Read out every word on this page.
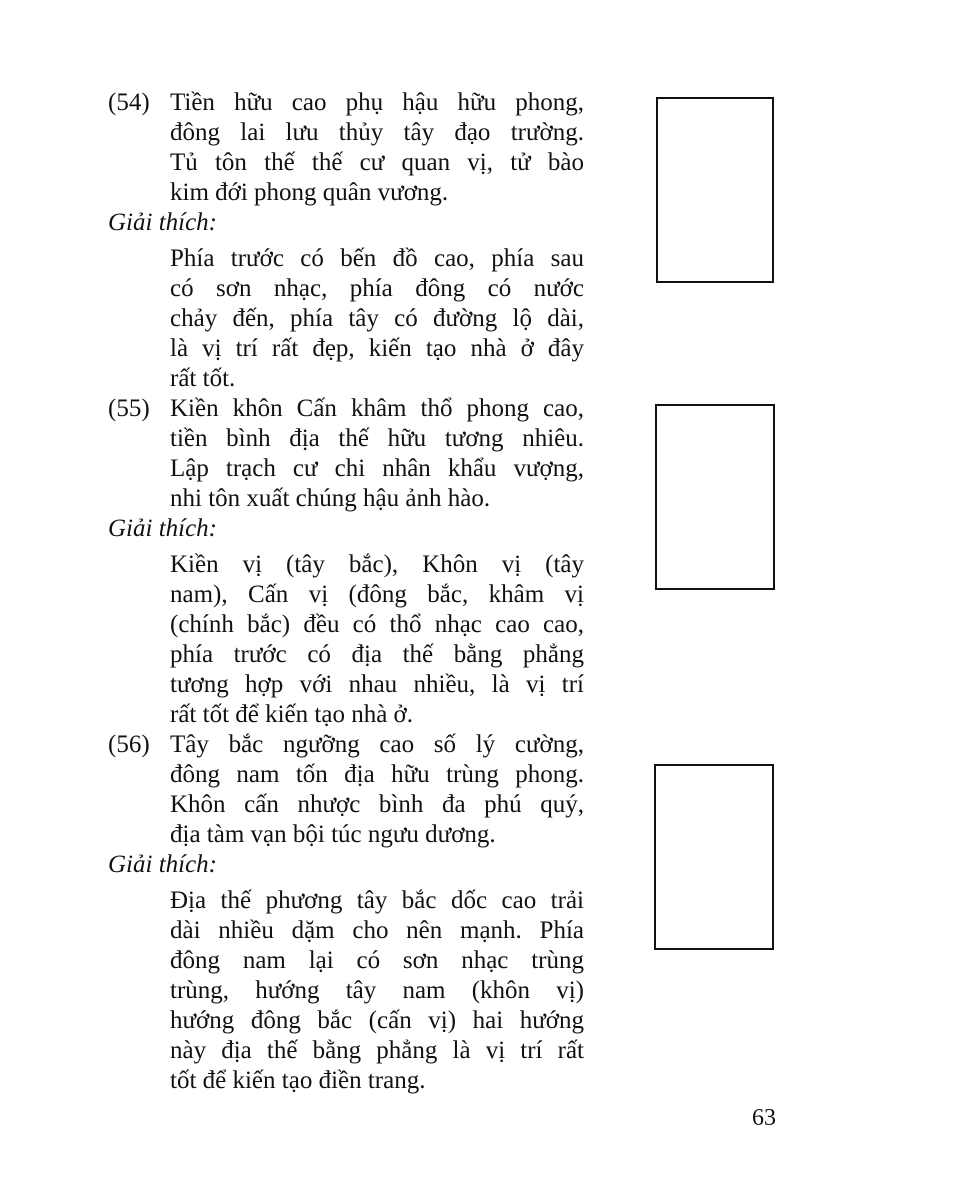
(54) Tiền hữu cao phụ hậu hữu phong,
đông lai lưu thủy tây đạo trường.
Tủ tôn thế thế cư quan vị, tử bào
kim đới phong quân vương.
Giải thích:
Phía trước có bến đồ cao, phía sau
có sơn nhạc, phía đông có nước
chảy đến, phía tây có đường lộ dài,
là vị trí rất đẹp, kiến tạo nhà ở đây
rất tốt.
(55) Kiền khôn Cấn khâm thổ phong cao,
tiền bình địa thế hữu tương nhiêu.
Lập trạch cư chi nhân khẩu vượng,
nhi tôn xuất chúng hậu ảnh hào.
Giải thích:
Kiền vị (tây bắc), Khôn vị (tây
nam), Cấn vị (đông bắc, khâm vị
(chính bắc) đều có thổ nhạc cao cao,
phía trước có địa thế bằng phẳng
tương hợp với nhau nhiều, là vị trí
rất tốt để kiến tạo nhà ở.
(56) Tây bắc ngưỡng cao số lý cường,
đông nam tốn địa hữu trùng phong.
Khôn cấn nhược bình đa phú quý,
địa tàm vạn bội túc ngưu dương.
Giải thích:
Địa thế phương tây bắc dốc cao trải
dài nhiều dặm cho nên mạnh. Phía
đông nam lại có sơn nhạc trùng
trùng, hướng tây nam (khôn vị)
hướng đông bắc (cấn vị) hai hướng
này địa thế bằng phẳng là vị trí rất
tốt để kiến tạo điền trang.
63
